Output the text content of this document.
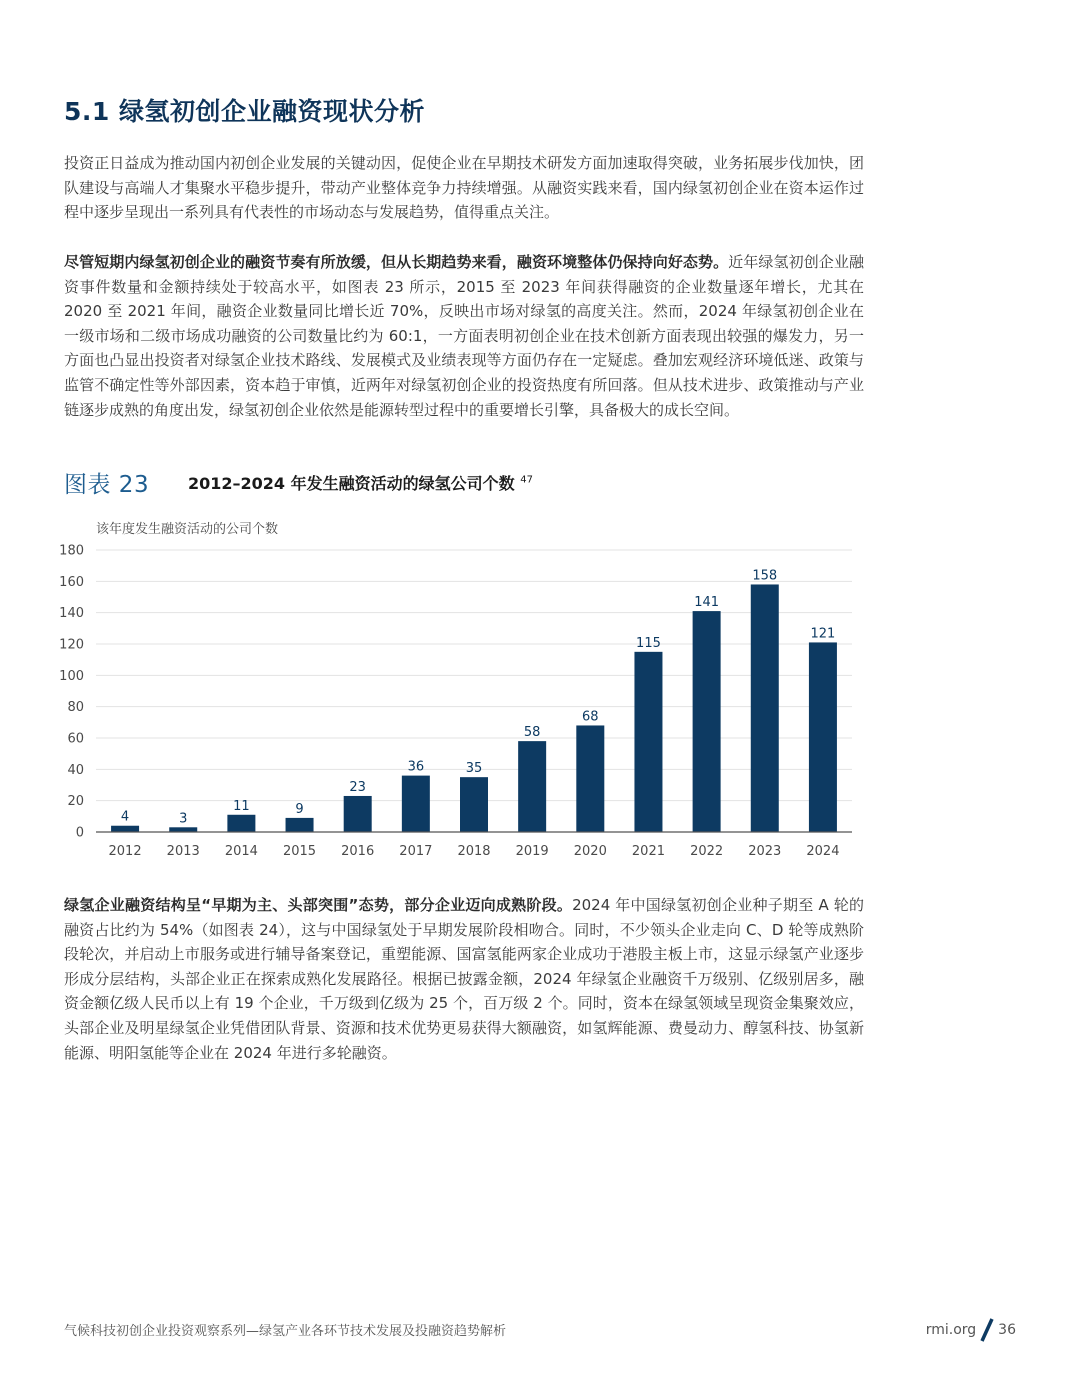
5.1 绿氢初创企业融资现状分析

投资正日益成为推动国内初创企业发展的关键动因，促使企业在早期技术研发方面加速取得突破，业务拓展步伐加快，团队建设与高端人才集聚水平稳步提升，带动产业整体竞争力持续增强。从融资实践来看，国内绿氢初创企业在资本运作过程中逐步呈现出一系列具有代表性的市场动态与发展趋势，值得重点关注。

尽管短期内绿氢初创企业的融资节奏有所放缓，但从长期趋势来看，融资环境整体仍保持向好态势。近年绿氢初创企业融资事件数量和金额持续处于较高水平，如图表 23 所示，2015 至 2023 年间获得融资的企业数量逐年增长，尤其在 2020 至 2021 年间，融资企业数量同比增长近 70%，反映出市场对绿氢的高度关注。然而，2024 年绿氢初创企业在一级市场和二级市场成功融资的公司数量比约为 60:1，一方面表明初创企业在技术创新方面表现出较强的爆发力，另一方面也凸显出投资者对绿氢企业技术路线、发展模式及业绩表现等方面仍存在一定疑虑。叠加宏观经济环境低迷、政策与监管不确定性等外部因素，资本趋于审慎，近两年对绿氢初创企业的投资热度有所回落。但从技术进步、政策推动与产业链逐步成熟的角度出发，绿氢初创企业依然是能源转型过程中的重要增长引擎，具备极大的成长空间。

图表 23 2012–2024 年发生融资活动的绿氢公司个数 $^{47}$
该年度发生融资活动的公司个数
0
20
40
60
80
100
120
140
160
180
4	3
11	9
23
36	35
58
68
115
141
158
121
2012 2013 2014 2015 2016 2017 2018 2019 2020 2021 2022 2023 2024

绿氢企业融资结构呈“早期为主、头部突围”态势，部分企业迈向成熟阶段。2024 年中国绿氢初创企业种子期至 A 轮的融资占比约为 54%（如图表 24），这与中国绿氢处于早期发展阶段相吻合。同时，不少领头企业走向 C、D 轮等成熟阶段轮次，并启动上市服务或进行辅导备案登记，重塑能源、国富氢能两家企业成功于港股主板上市，这显示绿氢产业逐步形成分层结构，头部企业正在探索成熟化发展路径。根据已披露金额，2024 年绿氢企业融资千万级别、亿级别居多，融资金额亿级人民币以上有 19 个企业，千万级到亿级为 25 个，百万级 2 个。同时，资本在绿氢领域呈现资金集聚效应，头部企业及明星绿氢企业凭借团队背景、资源和技术优势更易获得大额融资，如氢辉能源、费曼动力、醇氢科技、协氢新能源、明阳氢能等企业在 2024 年进行多轮融资。

气候科技初创企业投资观察系列—绿氢产业各环节技术发展及投融资趋势解析	rmi.org 36
